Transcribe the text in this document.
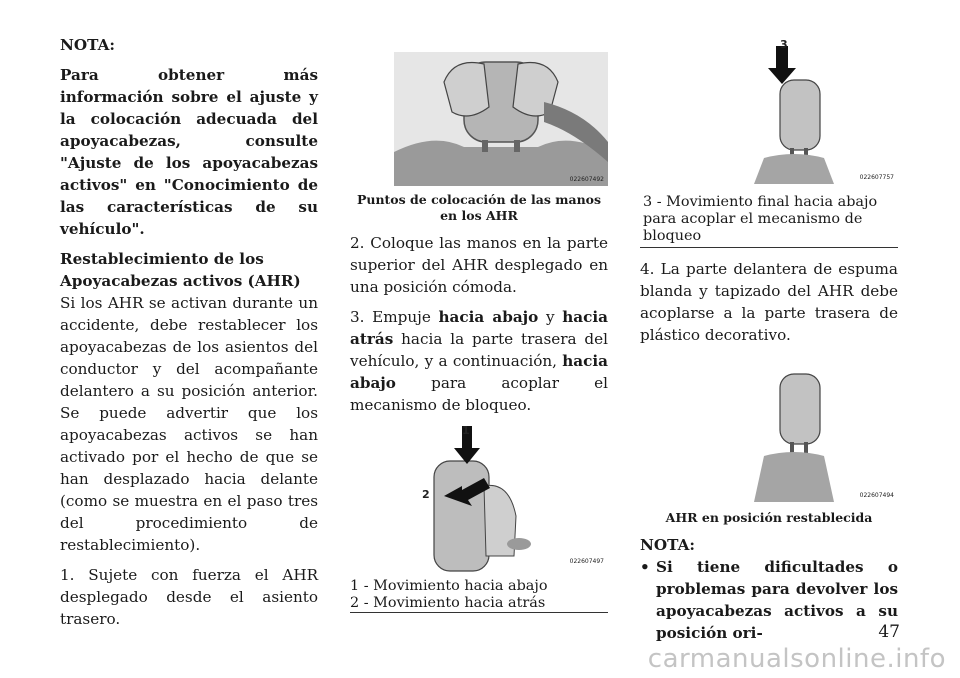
NOTA:

Para obtener más información sobre el ajuste y la colocación adecuada del apoyacabezas, consulte "Ajuste de los apoyacabezas activos" en "Conocimiento de las características de su vehículo".

Restablecimiento de los Apoyacabezas activos (AHR)

Si los AHR se activan durante un accidente, debe restablecer los apoyacabezas de los asientos del conductor y del acompañante delantero a su posición anterior. Se puede advertir que los apoyacabezas activos se han activado por el hecho de que se han desplazado hacia delante (como se muestra en el paso tres del procedimiento de restablecimiento).

1. Sujete con fuerza el AHR desplegado desde el asiento trasero.

022607492

Puntos de colocación de las manos en los AHR

2. Coloque las manos en la parte superior del AHR desplegado en una posición cómoda.

3. Empuje hacia abajo y hacia atrás hacia la parte trasera del vehículo, y a continuación, hacia abajo para acoplar el mecanismo de bloqueo.

1
2
022607497
1 - Movimiento hacia abajo
2 - Movimiento hacia atrás
3
022607757
3 - Movimiento final hacia abajo para acoplar el mecanismo de bloqueo

4. La parte delantera de espuma blanda y tapizado del AHR debe acoplarse a la parte trasera de plástico decorativo.

022607494

AHR en posición restablecida

NOTA:

• Si tiene dificultades o problemas para devolver los apoyacabezas activos a su posición ori-	47
carmanualsonline.info
